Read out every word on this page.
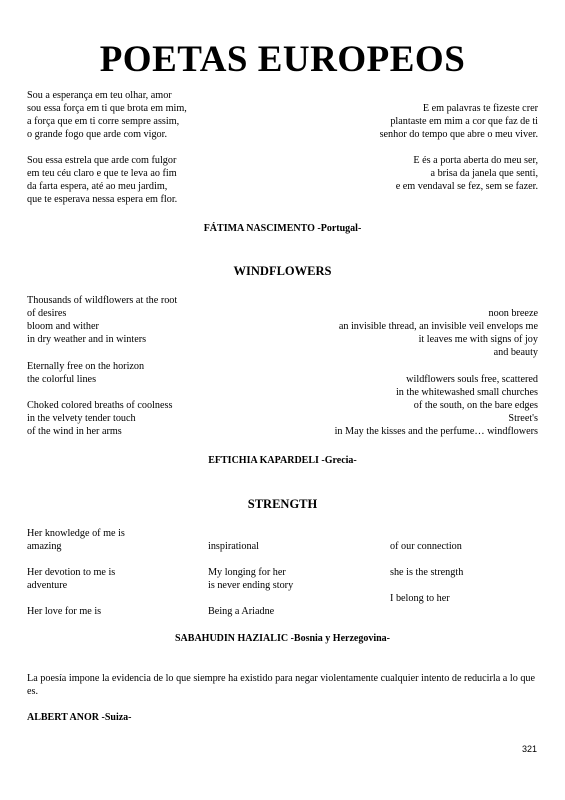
POETAS EUROPEOS
Sou a esperança em teu olhar, amor
sou essa força em ti que brota em mim,
a força que em ti corre sempre assim,
o grande fogo que arde com vigor.
Sou essa estrela que arde com fulgor
em teu céu claro e que te leva ao fim
da farta espera, até ao meu jardim,
que te esperava nessa espera em flor.
E em palavras te fizeste crer
plantaste em mim a cor que faz de ti
senhor do tempo que abre o meu viver.
E és a porta aberta do meu ser,
a brisa da janela que senti,
e em vendaval se fez, sem se fazer.
FÁTIMA NASCIMENTO -Portugal-
WINDFLOWERS
Thousands of wildflowers at the root
of desires
bloom and wither
in dry weather and in winters
Eternally free on the horizon
the colorful lines
Choked colored breaths of coolness
in the velvety tender touch
of the wind in her arms
noon breeze
an invisible thread, an invisible veil envelops me
it leaves me with signs of joy
and beauty
wildflowers souls free, scattered
in the whitewashed small churches
of the south, on the bare edges
Street's
in May the kisses and the perfume… windflowers
EFTICHIA KAPARDELI -Grecia-
STRENGTH
Her knowledge of me is
amazing
Her devotion to me is
adventure
Her love for me is
inspirational
My longing for her
is never ending story
Being a Ariadne
of our connection
she is the strength
I belong to her
SABAHUDIN HAZIALIC -Bosnia y Herzegovina-
La poesía impone la evidencia de lo que siempre ha existido para negar violentamente cualquier intento de reducirla a lo que es.
ALBERT ANOR -Suiza-
321
